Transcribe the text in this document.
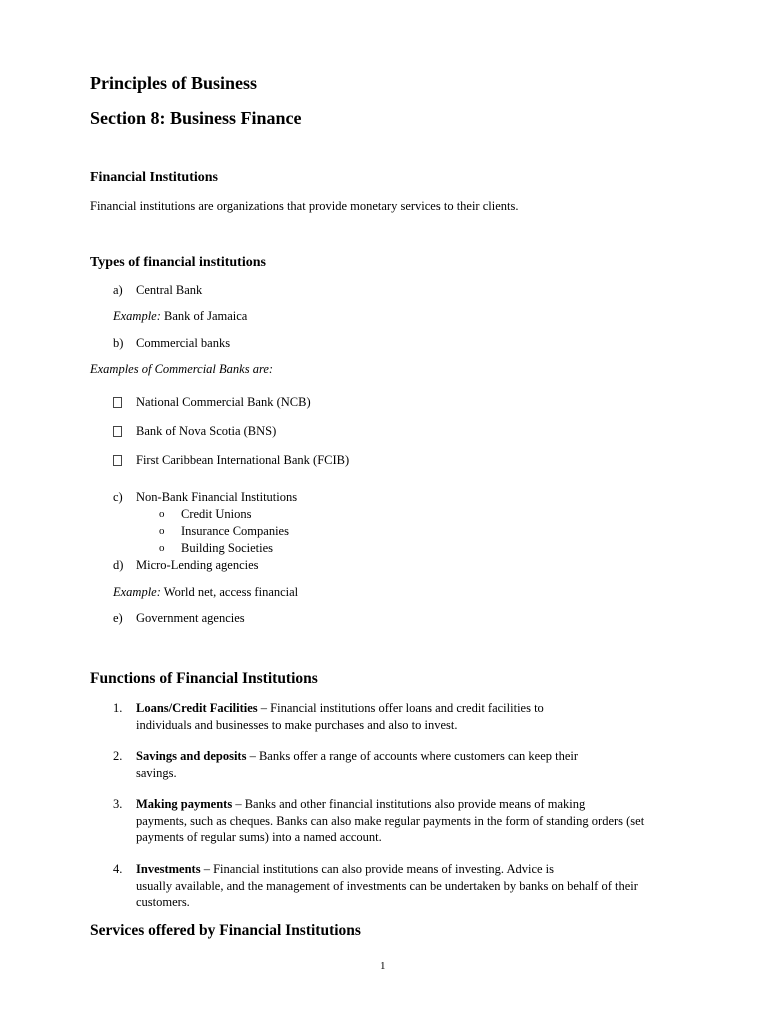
Principles of Business
Section 8: Business Finance
Financial Institutions
Financial institutions are organizations that provide monetary services to their clients.
Types of financial institutions
a) Central Bank
Example: Bank of Jamaica
b) Commercial banks
Examples of Commercial Banks are:
National Commercial Bank (NCB)
Bank of Nova Scotia (BNS)
First Caribbean International Bank (FCIB)
c) Non-Bank Financial Institutions
o Credit Unions
o Insurance Companies
o Building Societies
d) Micro-Lending agencies
Example: World net, access financial
e) Government agencies
Functions of Financial Institutions
1. Loans/Credit Facilities – Financial institutions offer loans and credit facilities to
individuals and businesses to make purchases and also to invest.
2. Savings and deposits – Banks offer a range of accounts where customers can keep their
savings.
3. Making payments – Banks and other financial institutions also provide means of making
payments, such as cheques. Banks can also make regular payments in the form of standing orders (set payments of regular sums) into a named account.
4. Investments – Financial institutions can also provide means of investing. Advice is
usually available, and the management of investments can be undertaken by banks on behalf of their customers.
Services offered by Financial Institutions
1
